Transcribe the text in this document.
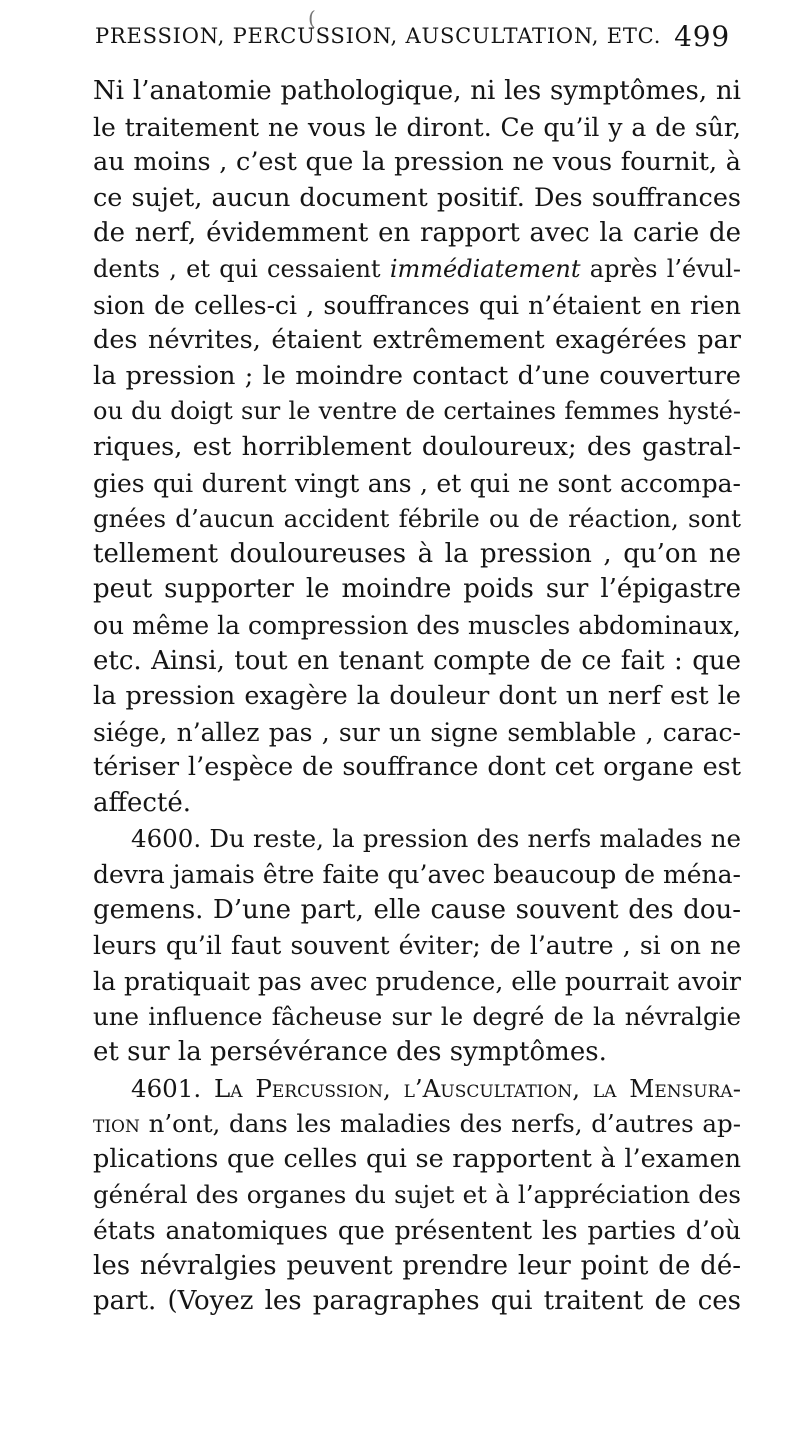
(
PRESSION, PERCUSSION, AUSCULTATION, ETC. 499
Ni l’anatomie pathologique, ni les symptômes, ni
le traitement ne vous le diront. Ce qu’il y a de sûr,
au moins , c’est que la pression ne vous fournit, à
ce sujet, aucun document positif. Des souffrances
de nerf, évidemment en rapport avec la carie de
dents , et qui cessaient immédiatement après l’évul-
sion de celles-ci , souffrances qui n’étaient en rien
des névrites, étaient extrêmement exagérées par
la pression ; le moindre contact d’une couverture
ou du doigt sur le ventre de certaines femmes hysté-
riques, est horriblement douloureux; des gastral-
gies qui durent vingt ans , et qui ne sont accompa-
gnées d’aucun accident fébrile ou de réaction, sont
tellement douloureuses à la pression , qu’on ne
peut supporter le moindre poids sur l’épigastre
ou même la compression des muscles abdominaux,
etc. Ainsi, tout en tenant compte de ce fait : que
la pression exagère la douleur dont un nerf est le
siége, n’allez pas , sur un signe semblable , carac-
tériser l’espèce de souffrance dont cet organe est
affecté.
4600. Du reste, la pression des nerfs malades ne
devra jamais être faite qu’avec beaucoup de ména-
gemens. D’une part, elle cause souvent des dou-
leurs qu’il faut souvent éviter; de l’autre , si on ne
la pratiquait pas avec prudence, elle pourrait avoir
une influence fâcheuse sur le degré de la névralgie
et sur la persévérance des symptômes.
4601. La Percussion, l’Auscultation, la Mensura-
tion n’ont, dans les maladies des nerfs, d’autres ap-
plications que celles qui se rapportent à l’examen
général des organes du sujet et à l’appréciation des
états anatomiques que présentent les parties d’où
les névralgies peuvent prendre leur point de dé-
part. (Voyez les paragraphes qui traitent de ces
